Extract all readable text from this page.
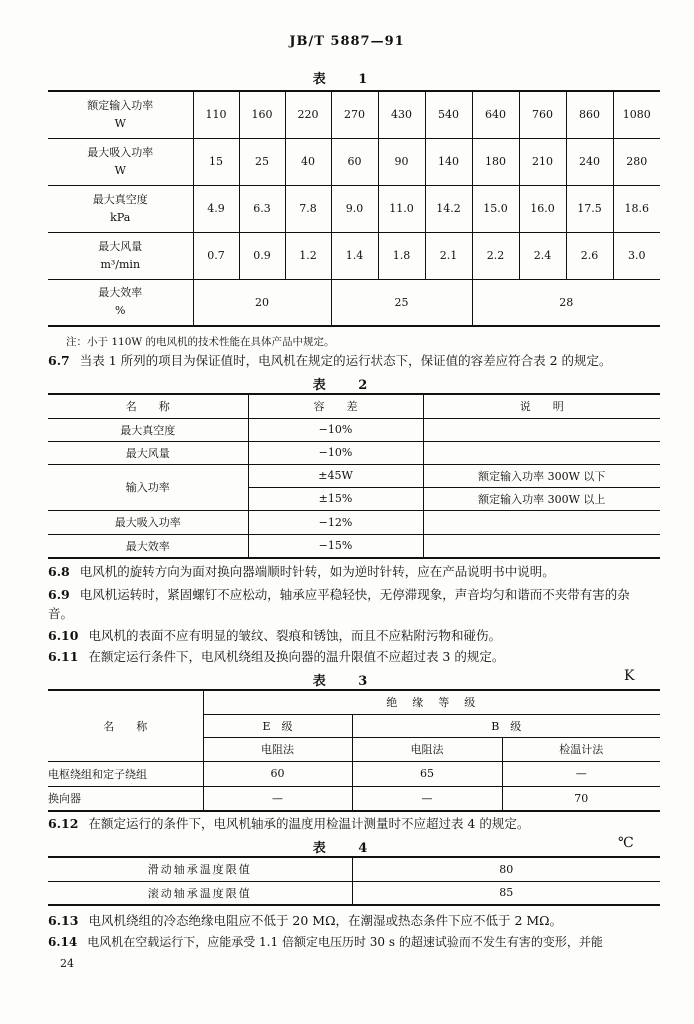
JB/T 5887—91
表 1
额定输入功率
W	110	160	220	270	430	540	640	760	860	1080

最大吸入功率
W	15	25	40	60	90	140	180	210	240	280

最大真空度
kPa	4.9	6.3	7.8	9.0	11.0	14.2	15.0	16.0	17.5	18.6

最大风量
m³/min	0.7	0.9	1.2	1.4	1.8	2.1	2.2	2.4	2.6	3.0

最大效率
%	20			25			28			
注：小于 110W 的电风机的技术性能在具体产品中规定。
6.7 当表 1 所列的项目为保证值时，电风机在规定的运行状态下，保证值的容差应符合表 2 的规定。
表 2
名　　称	容　　差	说　　明
最大真空度	−10%	
最大风量	−10%	
输入功率	±45W	额定输入功率 300W 以下
	±15%	额定输入功率 300W 以上
最大吸入功率	−12%	
最大效率	−15%	
6.8 电风机的旋转方向为面对换向器端顺时针转，如为逆时针转，应在产品说明书中说明。
6.9 电风机运转时，紧固螺钉不应松动，轴承应平稳轻快，无停滞现象，声音均匀和谐而不夹带有害的杂
音。
6.10 电风机的表面不应有明显的皱纹、裂痕和锈蚀，而且不应粘附污物和碰伤。
6.11 在额定运行条件下，电风机绕组及换向器的温升限值不应超过表 3 的规定。
表 3	K
名　　称	绝　缘　等　级		
	E　级	B　级	
	电阻法	电阻法	检温计法
电枢绕组和定子绕组	60	65	—
换向器	—	—	70
6.12 在额定运行的条件下，电风机轴承的温度用检温计测量时不应超过表 4 的规定。
表 4	℃
滑动轴承温度限值	80
滚动轴承温度限值	85
6.13 电风机绕组的冷态绝缘电阻应不低于 20 MΩ，在潮湿或热态条件下应不低于 2 MΩ。
6.14 电风机在空载运行下，应能承受 1.1 倍额定电压历时 30 s 的超速试验而不发生有害的变形，并能
24
